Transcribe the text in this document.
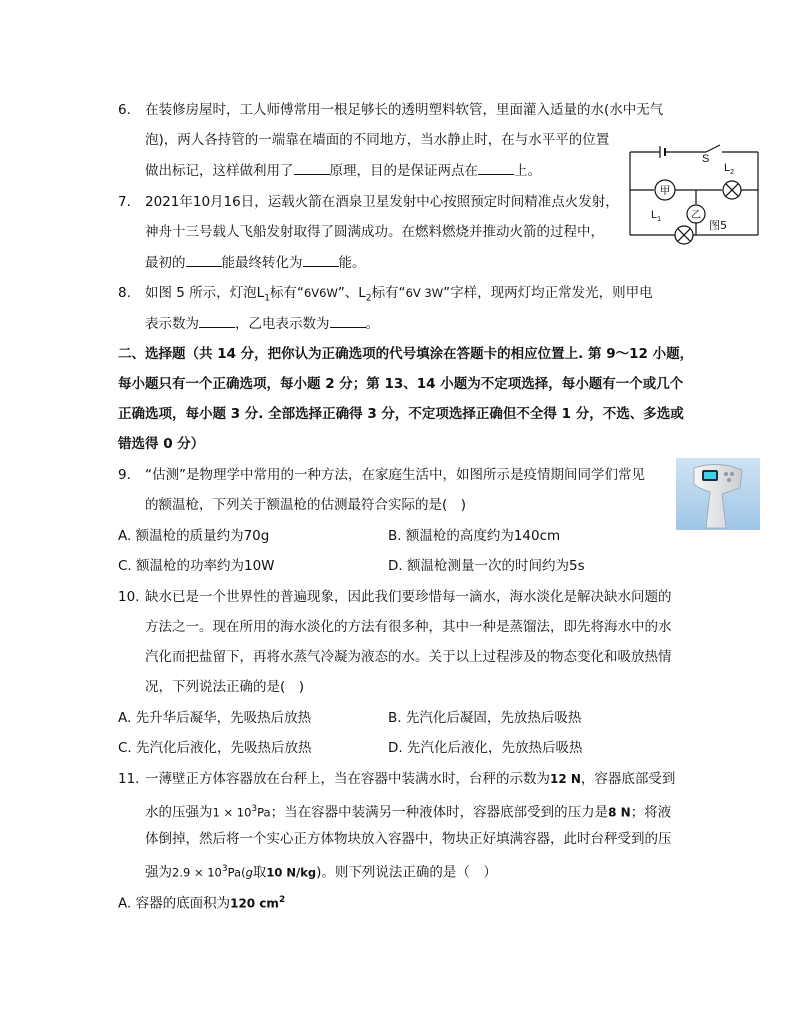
6. 在装修房屋时，工人师傅常用一根足够长的透明塑料软管，里面灌入适量的水(水中无气
泡)，两人各持管的一端靠在墙面的不同地方，当水静止时，在与水平平的位置
做出标记，这样做利用了	原理，目的是保证两点在	上。
7. 2021年10月16日，运载火箭在酒泉卫星发射中心按照预定时间精准点火发射，
神舟十三号载人飞船发射取得了圆满成功。在燃料燃烧并推动火箭的过程中，
最初的	能最终转化为	能。
S
$L_2$
$L_1$
甲
乙
图5
8. 如图 5 所示，灯泡$L_1$标有“6V6W”、$L_2$标有“6V 3W”字样，现两灯均正常发光，则甲电
表示数为	，乙电表示数为	。
二、选择题（共 14 分，把你认为正确选项的代号填涂在答题卡的相应位置上. 第 9～12 小题，
每小题只有一个正确选项，每小题 2 分；第 13、14 小题为不定项选择，每小题有一个或几个
正确选项，每小题 3 分. 全部选择正确得 3 分，不定项选择正确但不全得 1 分，不选、多选或
错选得 0 分）
9. “估测”是物理学中常用的一种方法，在家庭生活中，如图所示是疫情期间同学们常见
的额温枪，下列关于额温枪的估测最符合实际的是(　)
A. 额温枪的质量约为70g	B. 额温枪的高度约为140cm
C. 额温枪的功率约为10W	D. 额温枪测量一次的时间约为5s
10. 缺水已是一个世界性的普遍现象，因此我们要珍惜每一滴水，海水淡化是解决缺水问题的
方法之一。现在所用的海水淡化的方法有很多种，其中一种是蒸馏法，即先将海水中的水
汽化而把盐留下，再将水蒸气冷凝为液态的水。关于以上过程涉及的物态变化和吸放热情
况，下列说法正确的是(　)
A. 先升华后凝华，先吸热后放热	B. 先汽化后凝固，先放热后吸热
C. 先汽化后液化，先吸热后放热	D. 先汽化后液化，先放热后吸热
11. 一薄壁正方体容器放在台秤上，当在容器中装满水时，台秤的示数为12 N，容器底部受到
水的压强为$1 \times 10^3Pa$；当在容器中装满另一种液体时，容器底部受到的压力是8 N；将液
体倒掉，然后将一个实心正方体物块放入容器中，物块正好填满容器，此时台秤受到的压
强为$2.9 \times 10^3Pa(g$取10 N/kg)。则下列说法正确的是（　）
A. 容器的底面积为120 $cm^2$
